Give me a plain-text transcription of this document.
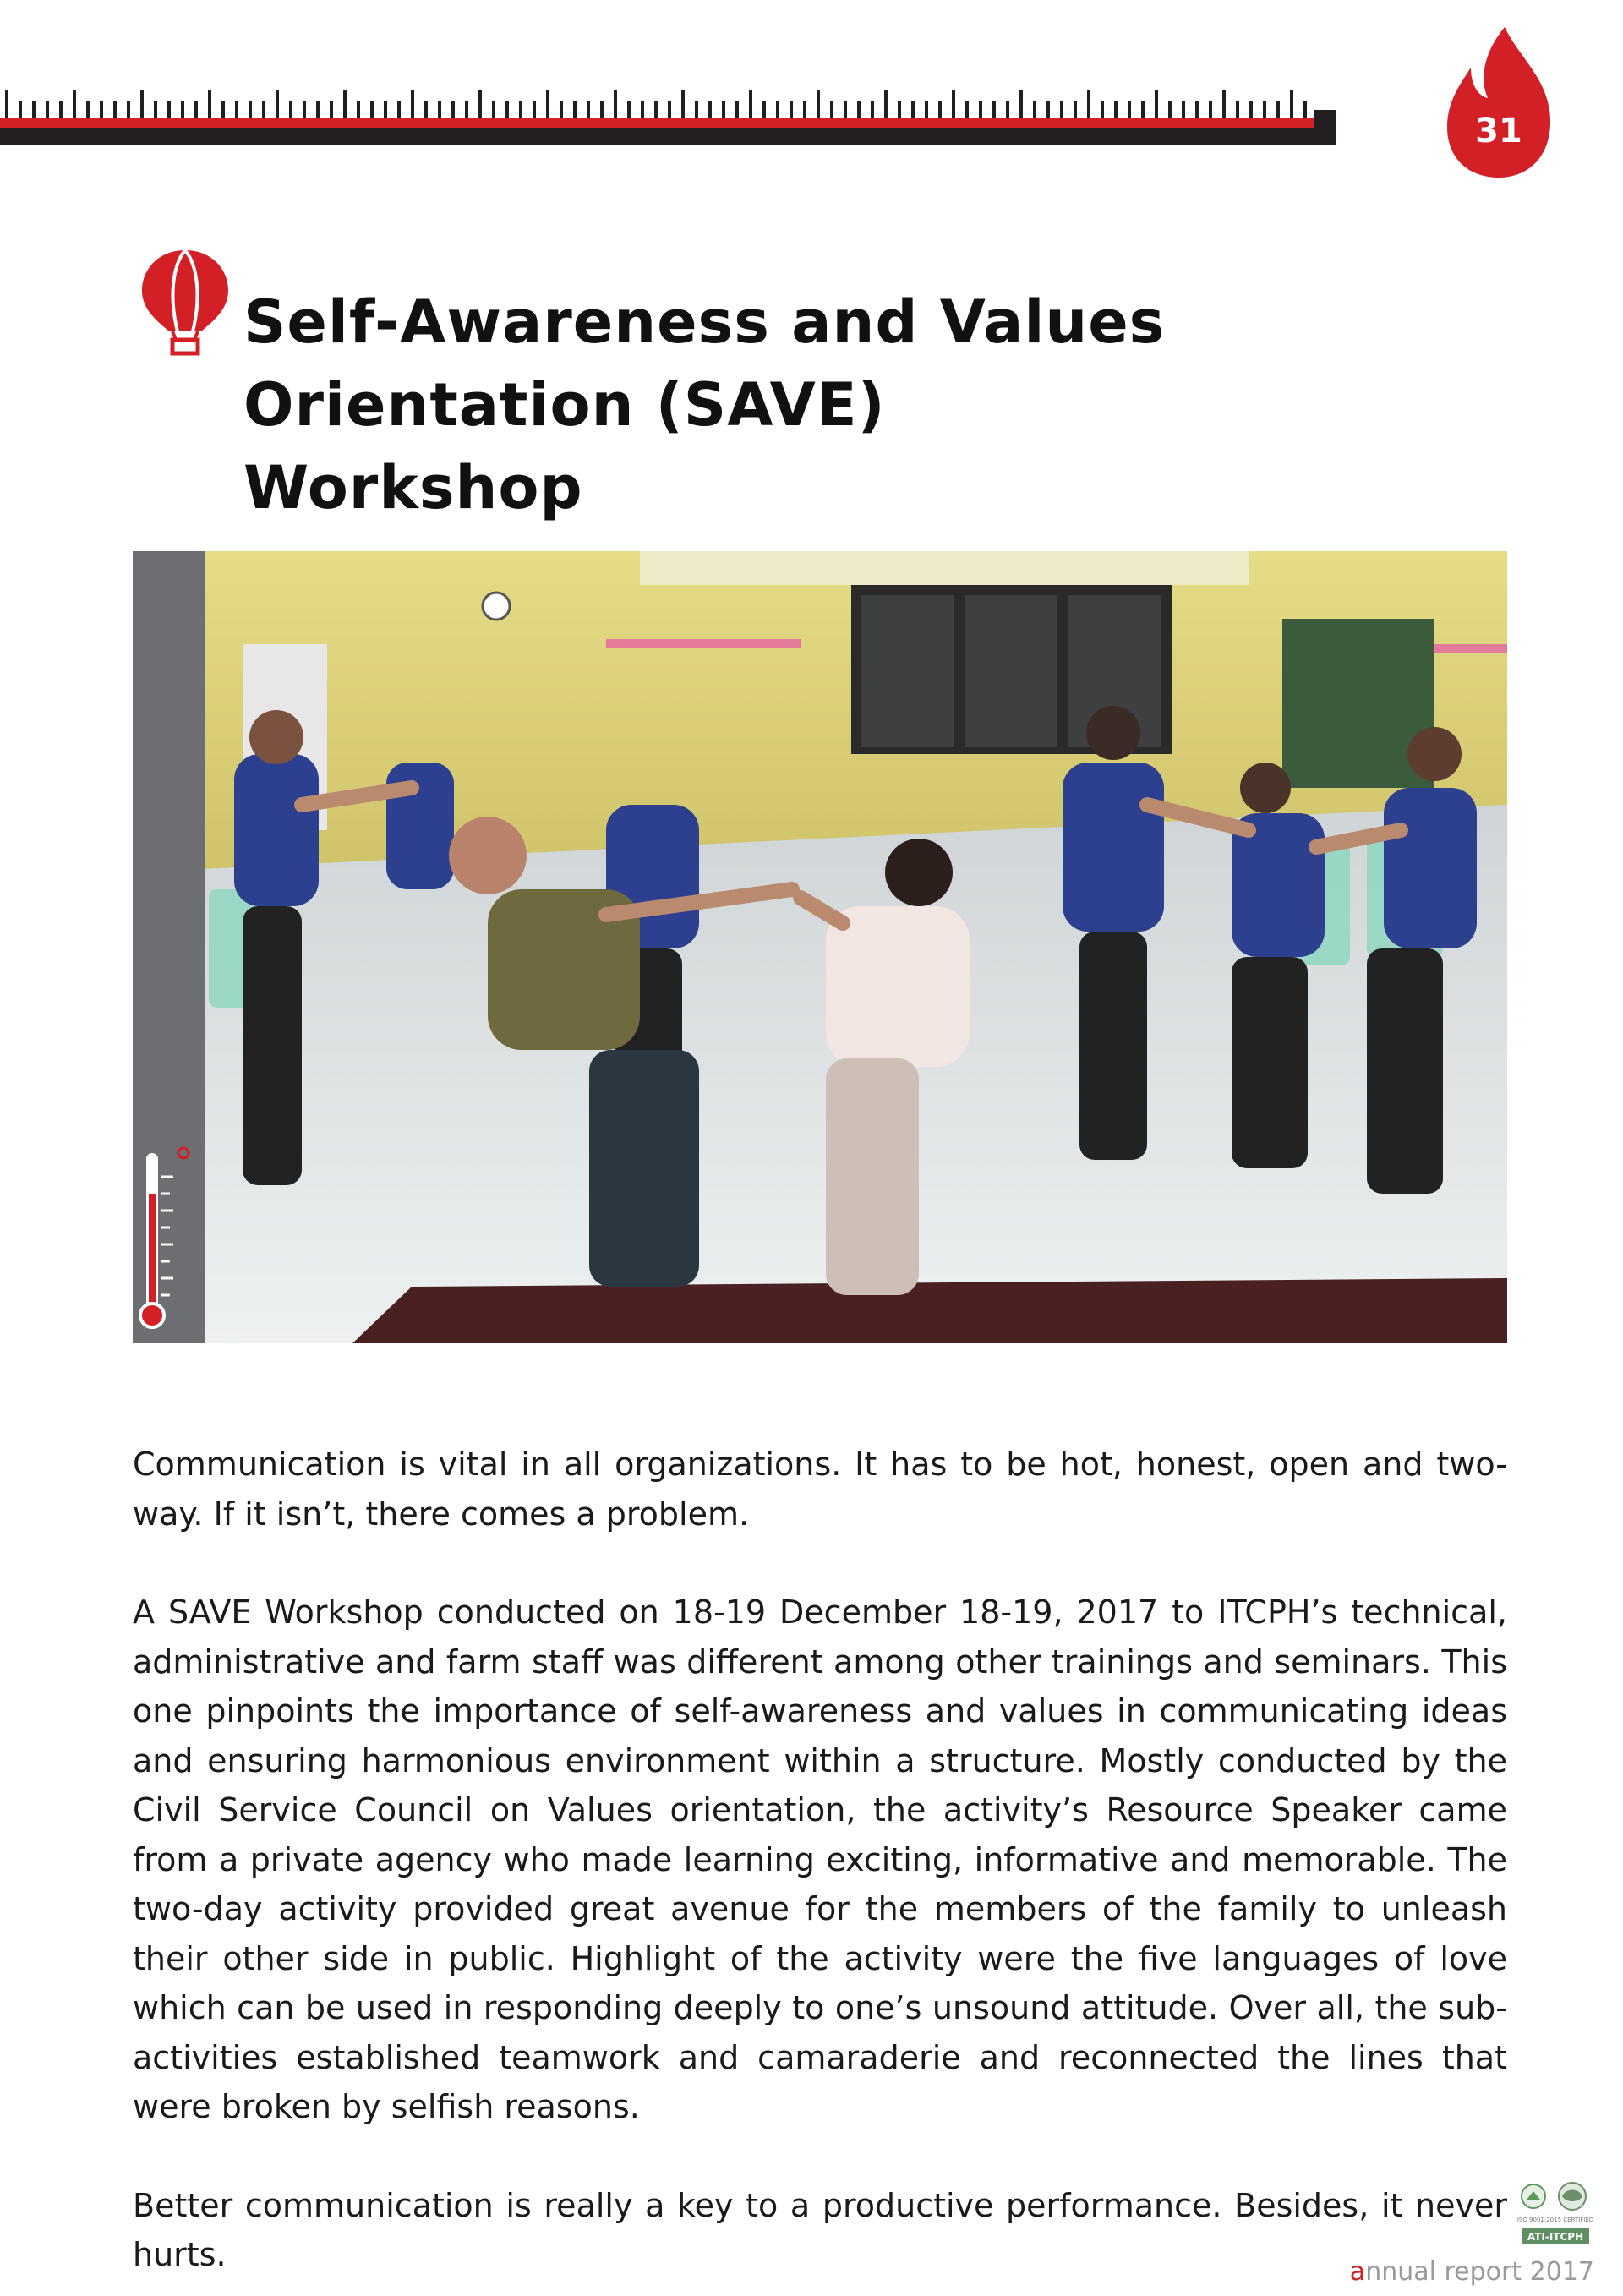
31
Self-Awareness and Values Orientation (SAVE)
Workshop

Communication is vital in all organizations. It has to be hot, honest, open and two-way. If it isn’t, there comes a problem.

A SAVE Workshop conducted on 18-19 December 18-19, 2017 to ITCPH’s technical, administrative and farm staff was different among other trainings and seminars. This one pinpoints the importance of self-awareness and values in communicating ideas and ensuring harmonious environment within a structure. Mostly conducted by the Civil Service Council on Values orientation, the activity’s Resource Speaker came from a private agency who made learning exciting, informative and memorable. The two-day activity provided great avenue for the members of the family to unleash their other side in public. Highlight of the activity were the five languages of love which can be used in responding deeply to one’s unsound attitude. Over all, the sub-activities established teamwork and camaraderie and reconnected the lines that were broken by selfish reasons.

Better communication is really a key to a productive performance. Besides, it never hurts.

ISO 9001:2015 CERTIFIED
ATI-ITCPH
annual report 2017
